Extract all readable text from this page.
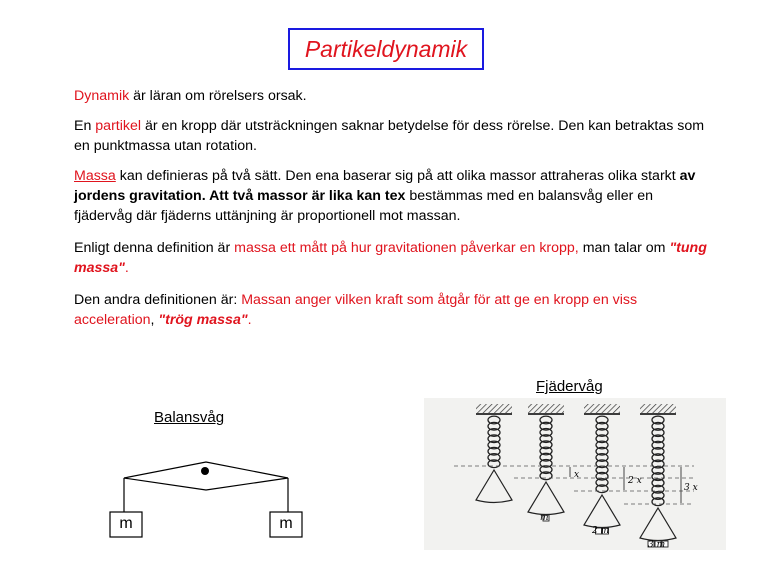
Partikeldynamik
Dynamik är läran om rörelsers orsak.
En partikel är en kropp där utsträckningen saknar betydelse för dess rörelse. Den kan betraktas som en punktmassa utan rotation.
Massa kan definieras på två sätt. Den ena baserar sig på att olika massor attraheras olika starkt av jordens gravitation. Att två massor är lika kan tex bestämmas med en balansvåg eller en fjädervåg där fjäderns uttänjning är proportionell mot massan.
Enligt denna definition är massa ett mått på hur gravitationen påverkar en kropp, man talar om "tung massa".
Den andra definitionen är: Massan anger vilken kraft som åtgår för att ge en kropp en viss acceleration, "trög massa".
Balansvåg
m	m
Fjädervåg
x
2 x
3 x
m
2 m
3 m
